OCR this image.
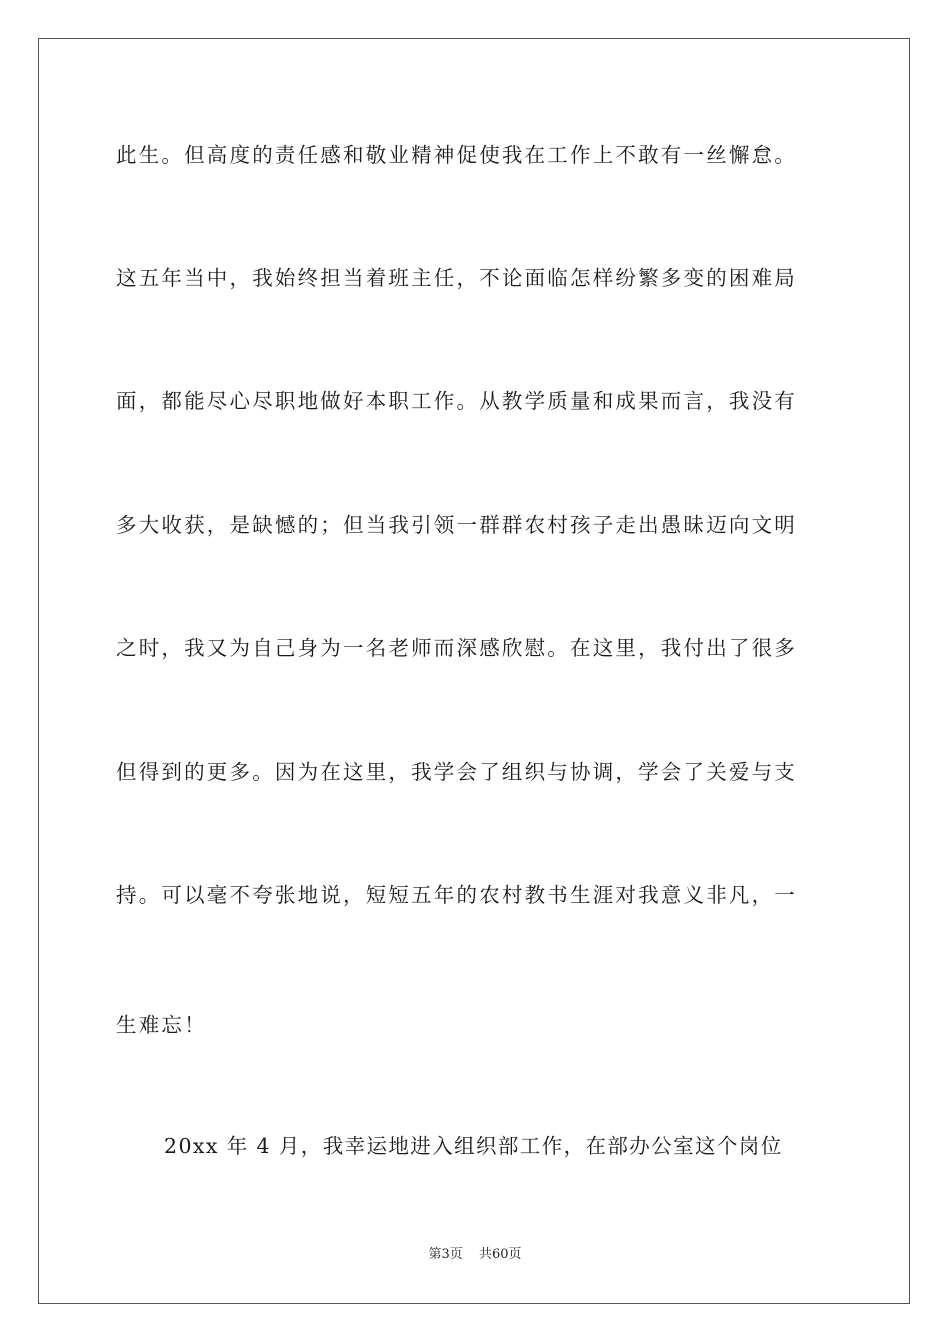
此生。但高度的责任感和敬业精神促使我在工作上不敢有一丝懈怠。
这五年当中，我始终担当着班主任，不论面临怎样纷繁多变的困难局
面，都能尽心尽职地做好本职工作。从教学质量和成果而言，我没有
多大收获，是缺憾的；但当我引领一群群农村孩子走出愚昧迈向文明
之时，我又为自己身为一名老师而深感欣慰。在这里，我付出了很多
但得到的更多。因为在这里，我学会了组织与协调，学会了关爱与支
持。可以毫不夸张地说，短短五年的农村教书生涯对我意义非凡，一
生难忘！
20xx 年 4 月，我幸运地进入组织部工作，在部办公室这个岗位
第3页 共60页
